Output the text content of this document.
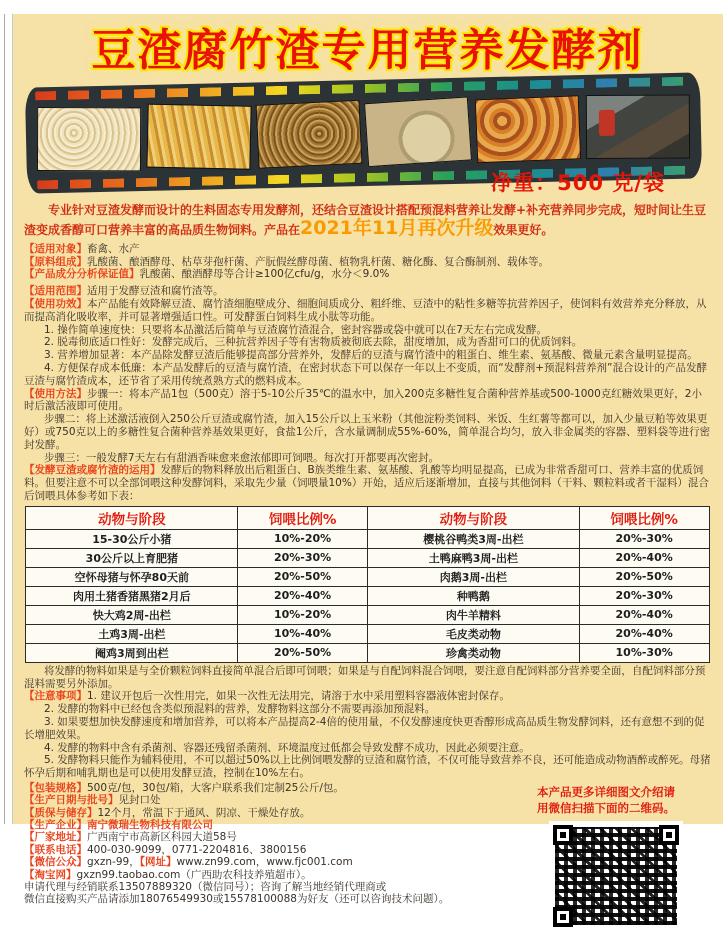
豆渣腐竹渣专用营养发酵剂
净重：500 克/袋
专业针对豆渣发酵而设计的生料固态专用发酵剂，还结合豆渣设计搭配预混料营养让发酵+补充营养同步完成，短时间让生豆渣变成香醇可口营养丰富的高品质生物饲料。产品在2021年11月再次升级效果更好。
【适用对象】畜禽、水产
【原料组成】乳酸菌、酿酒酵母、枯草芽孢杆菌、产朊假丝酵母菌、植物乳杆菌、糖化酶、复合酶制剂、载体等。
【产品成分分析保证值】乳酸菌、酿酒酵母等合计≥100亿cfu/g，水分＜9.0%
【适用范围】适用于发酵豆渣和腐竹渣等。
【使用功效】本产品能有效降解豆渣、腐竹渣细胞壁成分、细胞间质成分、粗纤维、豆渣中的粘性多糖等抗营养因子，使饲料有效营养充分释放，从而提高消化吸收率，并可显著增强适口性。可发酵蛋白饲料生成小肽等功能。
1. 操作简单速度快：只要将本品激活后简单与豆渣腐竹渣混合，密封容器或袋中就可以在7天左右完成发酵。
2. 脱毒彻底适口性好：发酵完成后，三种抗营养因子等有害物质被彻底去除，甜度增加，成为香甜可口的优质饲料。
3. 营养增加显著：本产品除发酵豆渣后能够提高部分营养外，发酵后的豆渣与腐竹渣中的粗蛋白、维生素、氨基酸、微量元素含量明显提高。
4. 方便保存成本低廉：本产品发酵后的豆渣与腐竹渣，在密封状态下可以保存一年以上不变质，而“发酵剂+预混料营养剂”混合设计的产品发酵豆渣与腐竹渣成本，还节省了采用传统煮熟方式的燃料成本。
【使用方法】步骤一：将本产品1包（500克）溶于5-10公斤35℃的温水中，加入200克多糖性复合菌种营养基或500-1000克红糖效果更好，2小时后激活液即可使用。
步骤二：将上述激活液倒入250公斤豆渣或腐竹渣，加入15公斤以上玉米粉（其他淀粉类饲料、米饭、生红薯等都可以，加入少量豆粕等效果更好）或750克以上的多糖性复合菌种营养基效果更好，食盐1公斤，含水量调制成55%-60%，简单混合均匀，放入非金属类的容器、塑料袋等进行密封发酵。
步骤三：一般发酵7天左右有甜酒香味愈来愈浓郁即可饲喂。每次打开都要再次密封。
【发酵豆渣或腐竹渣的运用】发酵后的物料释放出后粗蛋白、B族类维生素、氨基酸、乳酸等均明显提高，已成为非常香甜可口、营养丰富的优质饲料。但要注意不可以全部饲喂这种发酵饲料，采取先少量（饲喂量10%）开始，适应后逐渐增加，直接与其他饲料（干料、颗粒料或者干湿料）混合后饲喂具体参考如下表：
动物与阶段	饲喂比例%	动物与阶段	饲喂比例%
15-30公斤小猪	10%-20%	樱桃谷鸭类3周-出栏	20%-30%
30公斤以上育肥猪	20%-30%	土鸭麻鸭3周-出栏	20%-40%
空怀母猪与怀孕80天前	20%-50%	肉鹅3周-出栏	20%-50%
肉用土猪香猪黑猪2月后	20%-40%	种鸭鹅	20%-30%
快大鸡2周-出栏	10%-20%	肉牛羊精料	20%-40%
土鸡3周-出栏	10%-40%	毛皮类动物	20%-40%
阉鸡3周到出栏	20%-50%	珍禽类动物	10%-30%
将发酵的物料如果是与全价颗粒饲料直接简单混合后即可饲喂；如果是与自配饲料混合饲喂，要注意自配饲料部分营养要全面，自配饲料部分预混料需要另外添加。
【注意事项】1. 建议开包后一次性用完，如果一次性无法用完，请溶于水中采用塑料容器液体密封保存。
2. 发酵的物料中已经包含类似预混料的营养，发酵物料这部分不需要再添加预混料。
3. 如果要想加快发酵速度和增加营养，可以将本产品提高2-4倍的使用量，不仅发酵速度快更香醇形成高品质生物发酵饲料，还有意想不到的促长增肥效果。
4. 发酵的物料中含有杀菌剂、容器还残留杀菌剂、环境温度过低都会导致发酵不成功，因此必须要注意。
5. 发酵物料只能作为辅料使用，不可以超过50%以上比例饲喂发酵的豆渣和腐竹渣，不仅可能导致营养不良，还可能造成动物酒醉或醉死。母猪怀孕后期和哺乳期也是可以使用发酵豆渣，控制在10%左右。
【包装规格】500克/包，30包/箱，大客户联系我们定制25公斤/包。
【生产日期与批号】见封口处
【质保与储存】12个月，常温下于通风、阴凉、干燥处存放。
【生产企业】南宁微瑞生物科技有限公司
【厂家地址】广西南宁市高新区科园大道58号
【联系电话】400-030-9099，0771-2204816、3800156
【微信公众】gxzn-99，【网址】www.zn99.com，www.fjc001.com
【淘宝网】gxzn99.taobao.com（广西助农科技养殖超市）。
申请代理与经销联系13507889320（微信同号）；咨询了解当地经销代理商或
微信直接购买产品请添加18076549930或15578100088为好友（还可以咨询技术问题）。
本产品更多详细图文介绍请
用微信扫描下面的二维码。
